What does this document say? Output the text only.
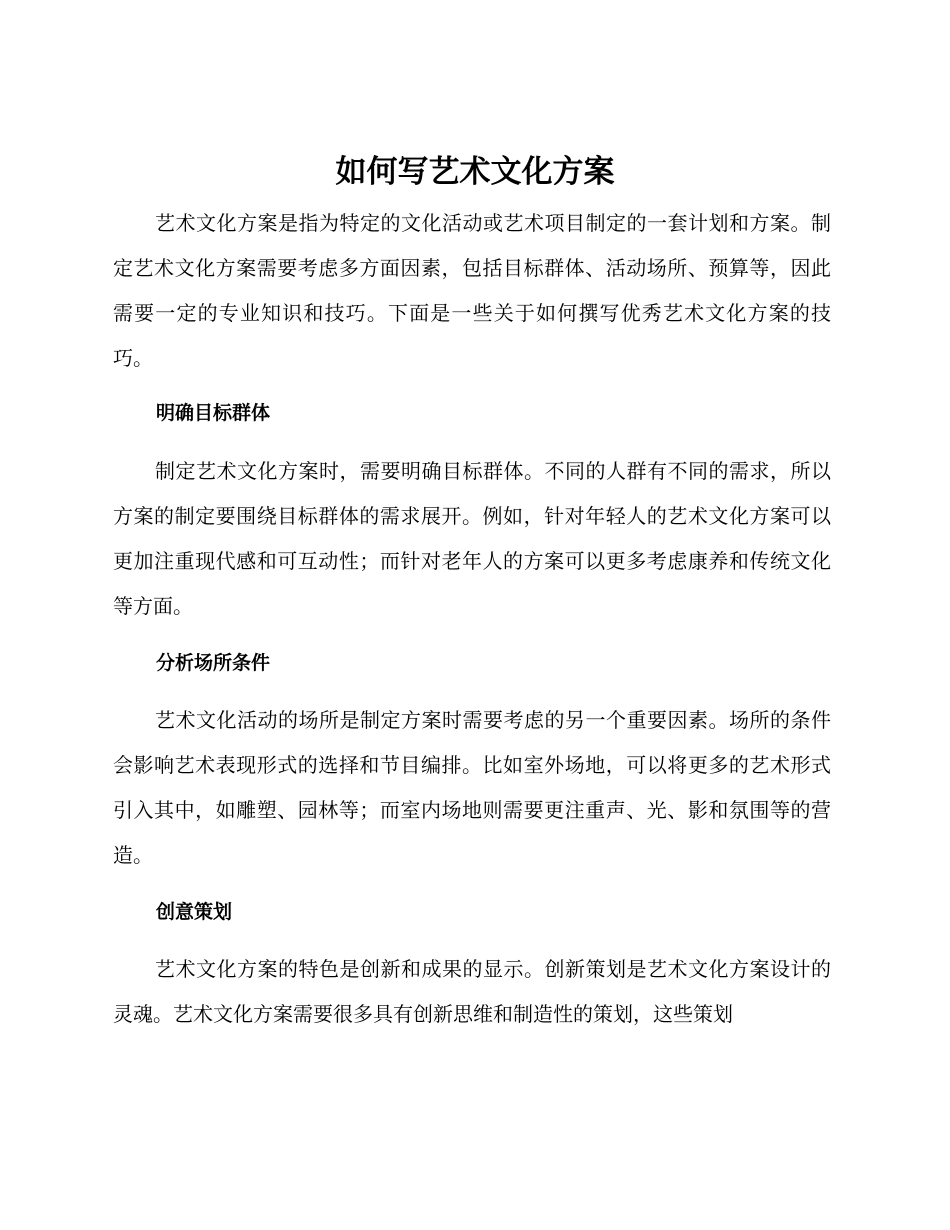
如何写艺术文化方案

艺术文化方案是指为特定的文化活动或艺术项目制定的一套计划和方案。制定艺术文化方案需要考虑多方面因素，包括目标群体、活动场所、预算等，因此需要一定的专业知识和技巧。下面是一些关于如何撰写优秀艺术文化方案的技巧。

明确目标群体

制定艺术文化方案时，需要明确目标群体。不同的人群有不同的需求，所以方案的制定要围绕目标群体的需求展开。例如，针对年轻人的艺术文化方案可以更加注重现代感和可互动性；而针对老年人的方案可以更多考虑康养和传统文化等方面。

分析场所条件

艺术文化活动的场所是制定方案时需要考虑的另一个重要因素。场所的条件会影响艺术表现形式的选择和节目编排。比如室外场地，可以将更多的艺术形式引入其中，如雕塑、园林等；而室内场地则需要更注重声、光、影和氛围等的营造。

创意策划

艺术文化方案的特色是创新和成果的显示。创新策划是艺术文化方案设计的灵魂。艺术文化方案需要很多具有创新思维和制造性的策划，这些策划
